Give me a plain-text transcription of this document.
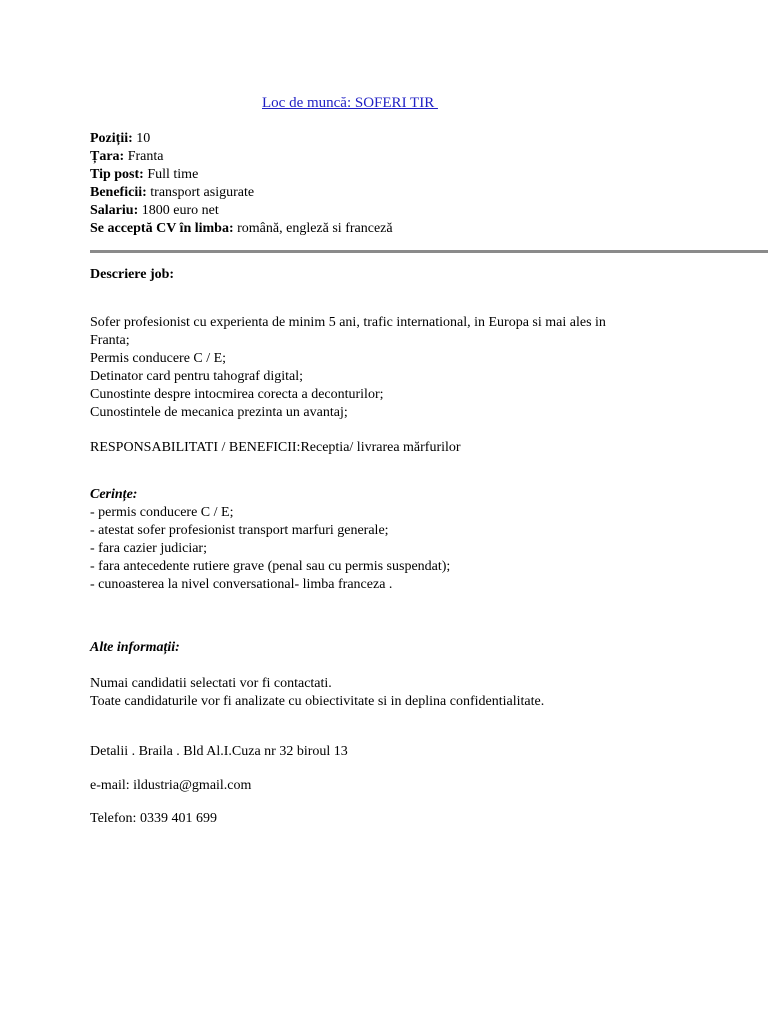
Loc de muncă: SOFERI TIR
Poziții: 10
Țara: Franta
Tip post: Full time
Beneficii: transport asigurate
Salariu: 1800 euro net
Se acceptă CV în limba: română, engleză si franceză
Descriere job:
Sofer profesionist cu experienta de minim 5 ani, trafic international, in Europa si mai ales in
Franta;
Permis conducere C / E;
Detinator card pentru tahograf digital;
Cunostinte despre intocmirea corecta a deconturilor;
Cunostintele de mecanica prezinta un avantaj;
RESPONSABILITATI / BENEFICII:Receptia/ livrarea mărfurilor
Cerințe:
- permis conducere C / E;
- atestat sofer profesionist transport marfuri generale;
- fara cazier judiciar;
- fara antecedente rutiere grave (penal sau cu permis suspendat);
- cunoasterea la nivel conversational- limba franceza .
Alte informații:
Numai candidatii selectati vor fi contactati.
Toate candidaturile vor fi analizate cu obiectivitate si in deplina confidentialitate.
Detalii . Braila . Bld Al.I.Cuza nr 32 biroul 13
e-mail: ildustria@gmail.com
Telefon: 0339 401 699
